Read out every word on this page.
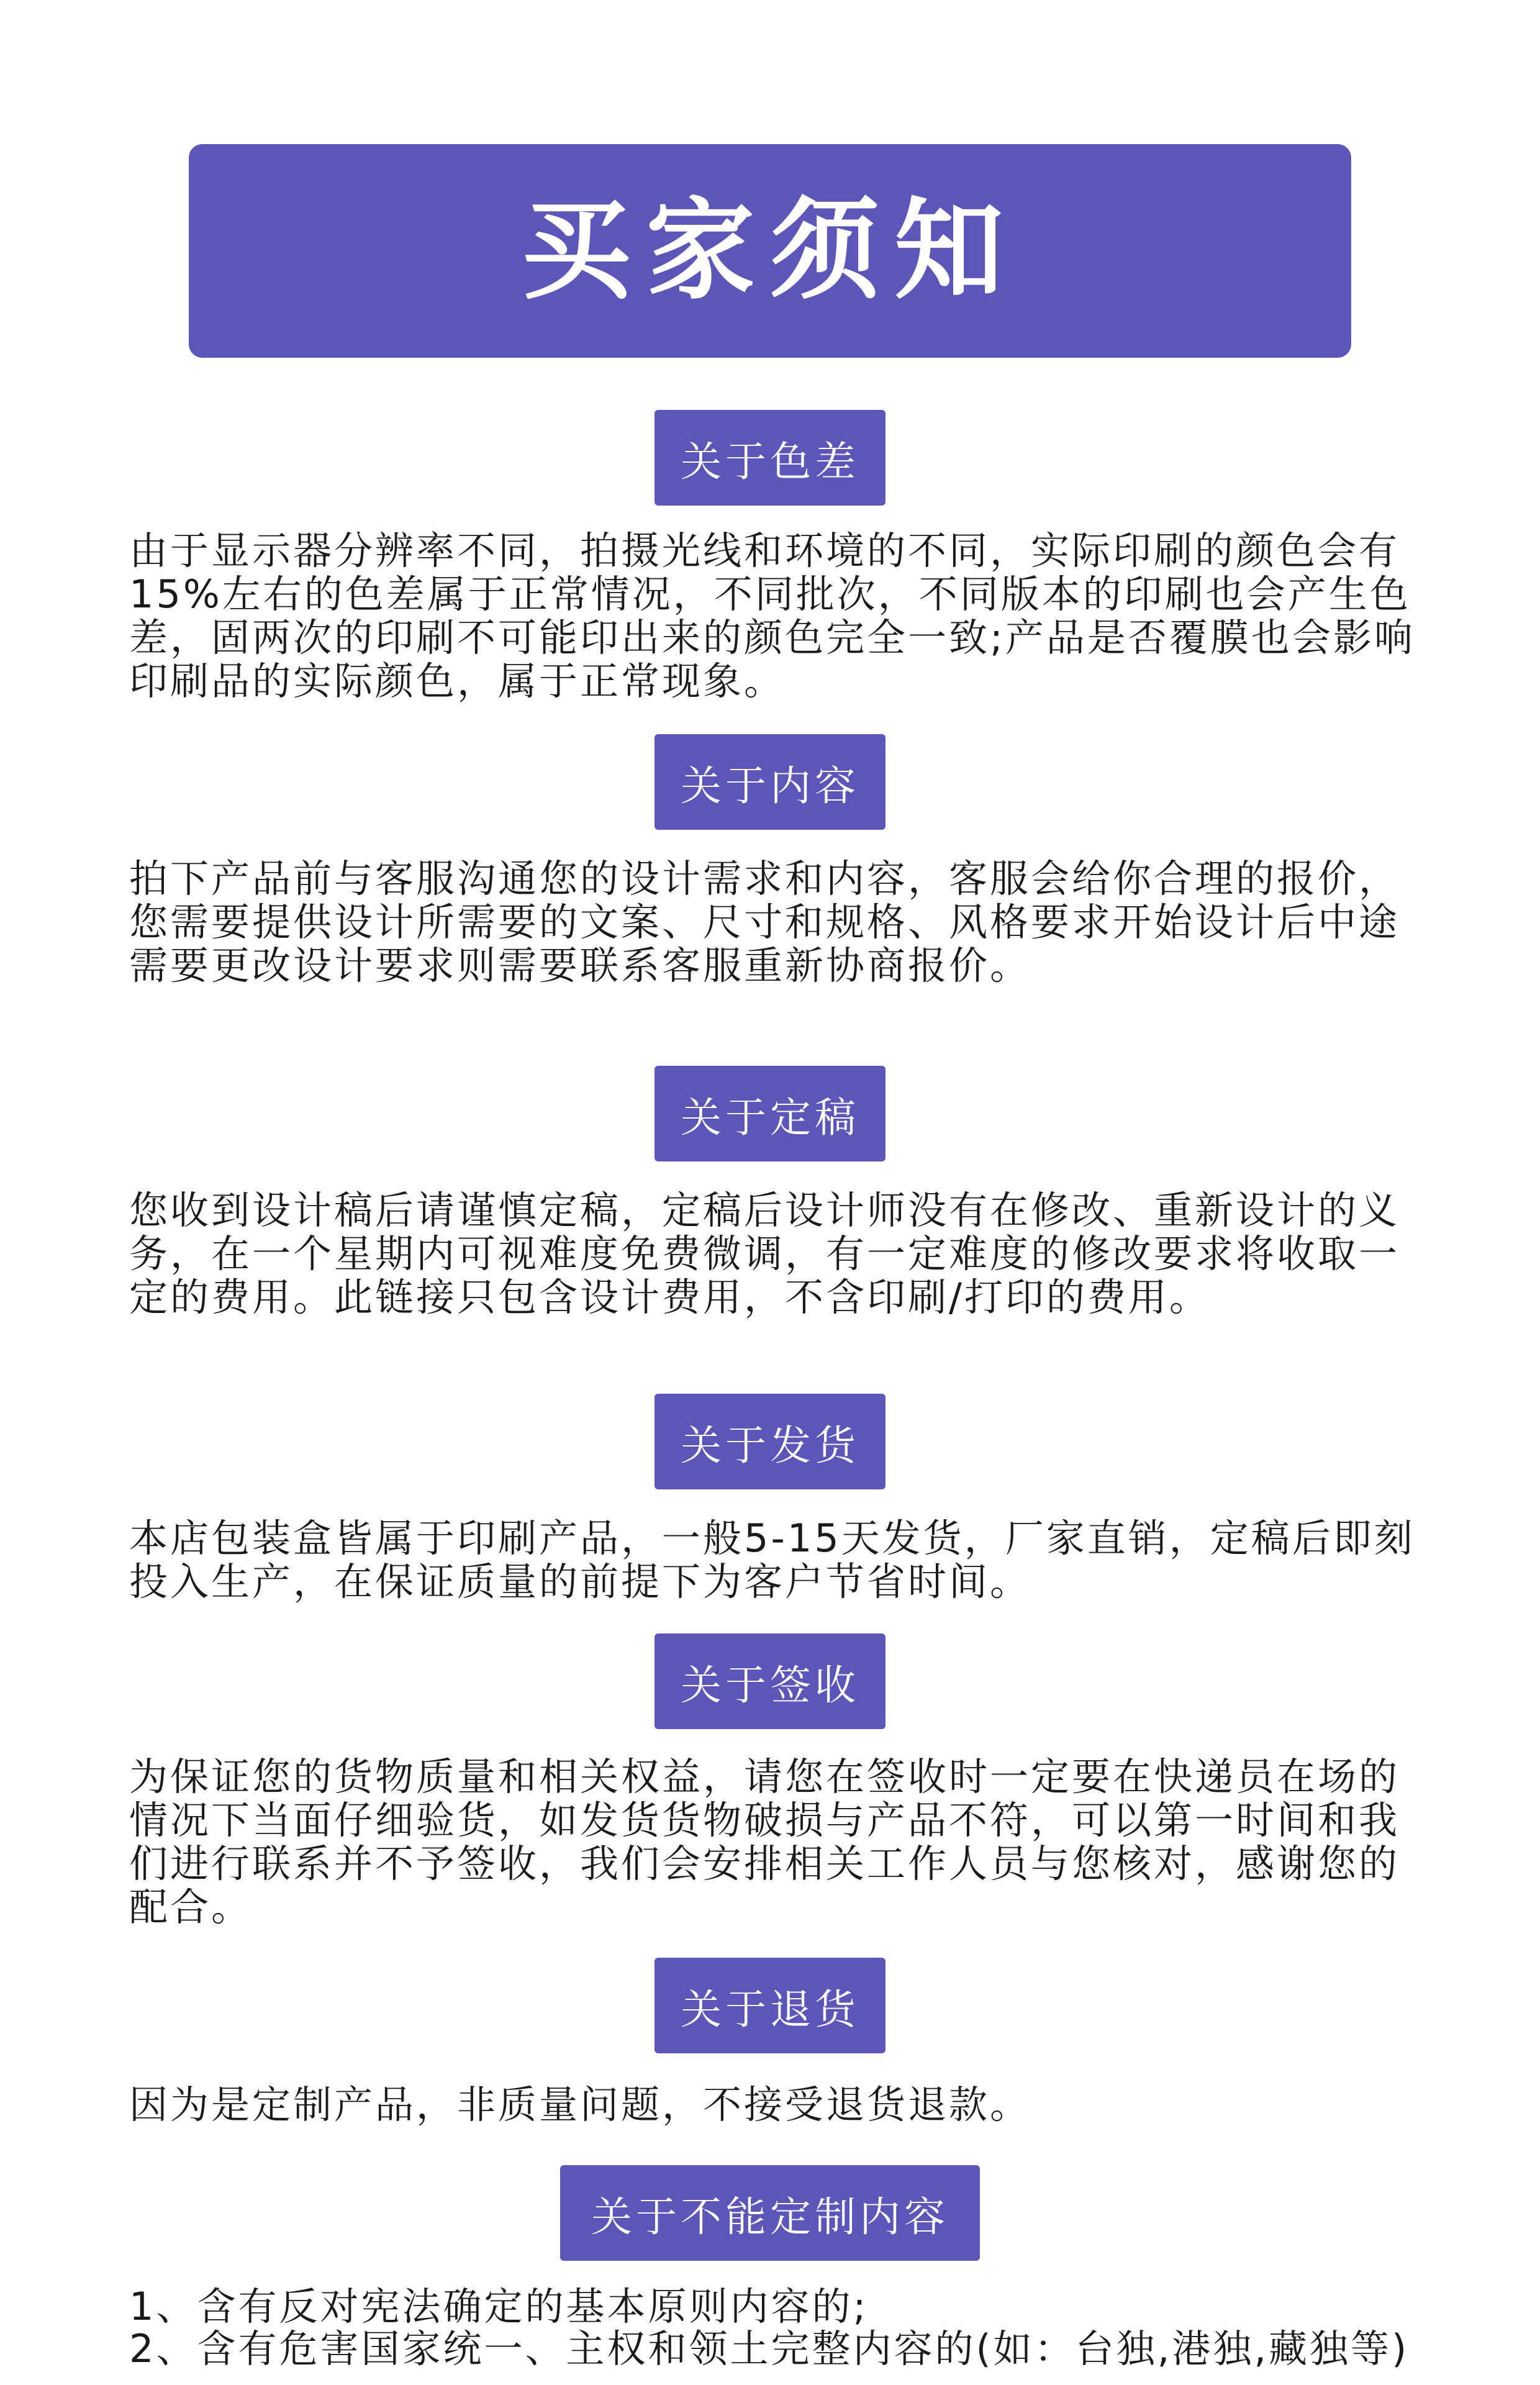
买家须知
关于色差
由于显示器分辨率不同，拍摄光线和环境的不同，实际印刷的颜色会有15%左右的色差属于正常情况，不同批次，不同版本的印刷也会产生色差，固两次的印刷不可能印出来的颜色完全一致;产品是否覆膜也会影响印刷品的实际颜色，属于正常现象。
关于内容
拍下产品前与客服沟通您的设计需求和内容，客服会给你合理的报价，您需要提供设计所需要的文案、尺寸和规格、风格要求开始设计后中途需要更改设计要求则需要联系客服重新协商报价。
关于定稿
您收到设计稿后请谨慎定稿，定稿后设计师没有在修改、重新设计的义务，在一个星期内可视难度免费微调，有一定难度的修改要求将收取一定的费用。此链接只包含设计费用，不含印刷/打印的费用。
关于发货
本店包装盒皆属于印刷产品，一般5-15天发货，厂家直销，定稿后即刻投入生产，在保证质量的前提下为客户节省时间。
关于签收
为保证您的货物质量和相关权益，请您在签收时一定要在快递员在场的情况下当面仔细验货，如发货货物破损与产品不符，可以第一时间和我们进行联系并不予签收，我们会安排相关工作人员与您核对，感谢您的配合。
关于退货
因为是定制产品，非质量问题，不接受退货退款。
关于不能定制内容
1、含有反对宪法确定的基本原则内容的;
2、含有危害国家统一、主权和领土完整内容的(如：台独,港独,藏独等)
